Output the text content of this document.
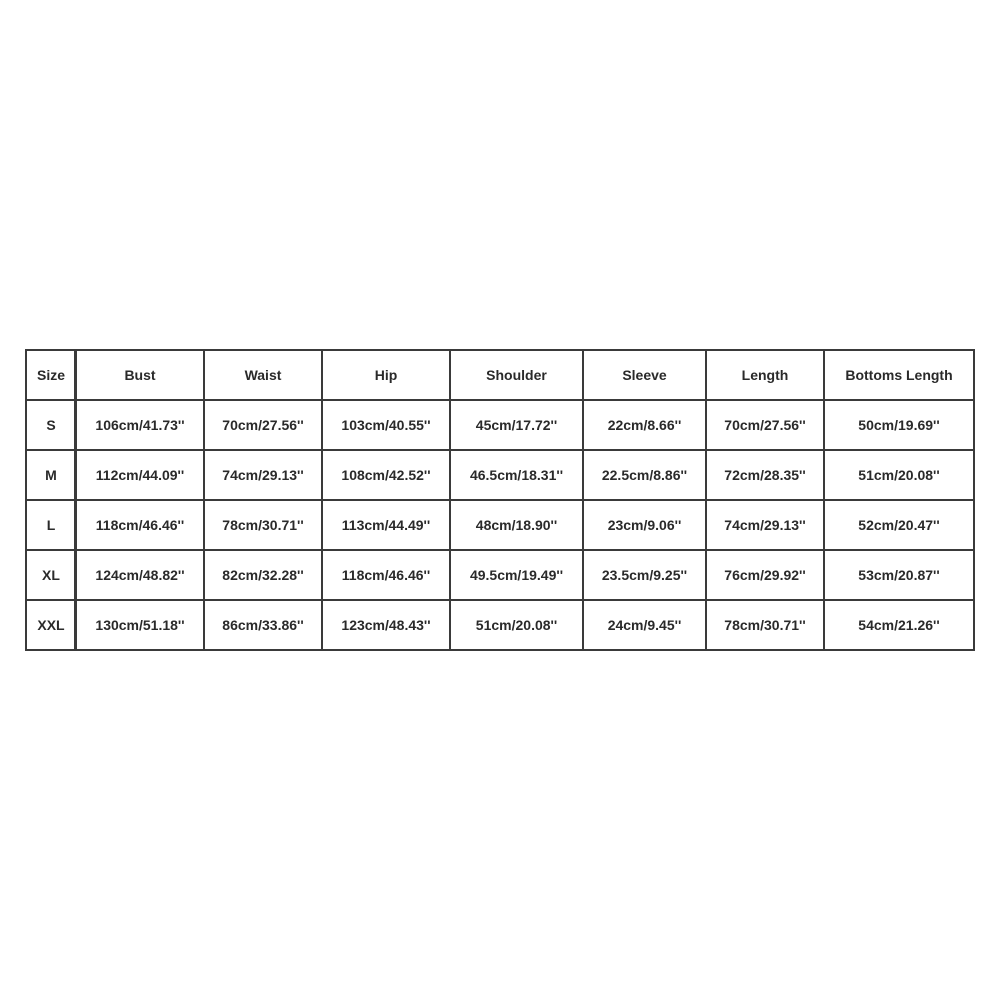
Size	Bust	Waist	Hip	Shoulder	Sleeve	Length	Bottoms Length
S	106cm/41.73''	70cm/27.56''	103cm/40.55''	45cm/17.72''	22cm/8.66''	70cm/27.56''	50cm/19.69''
M	112cm/44.09''	74cm/29.13''	108cm/42.52''	46.5cm/18.31''	22.5cm/8.86''	72cm/28.35''	51cm/20.08''
L	118cm/46.46''	78cm/30.71''	113cm/44.49''	48cm/18.90''	23cm/9.06''	74cm/29.13''	52cm/20.47''
XL	124cm/48.82''	82cm/32.28''	118cm/46.46''	49.5cm/19.49''	23.5cm/9.25''	76cm/29.92''	53cm/20.87''
XXL	130cm/51.18''	86cm/33.86''	123cm/48.43''	51cm/20.08''	24cm/9.45''	78cm/30.71''	54cm/21.26''
